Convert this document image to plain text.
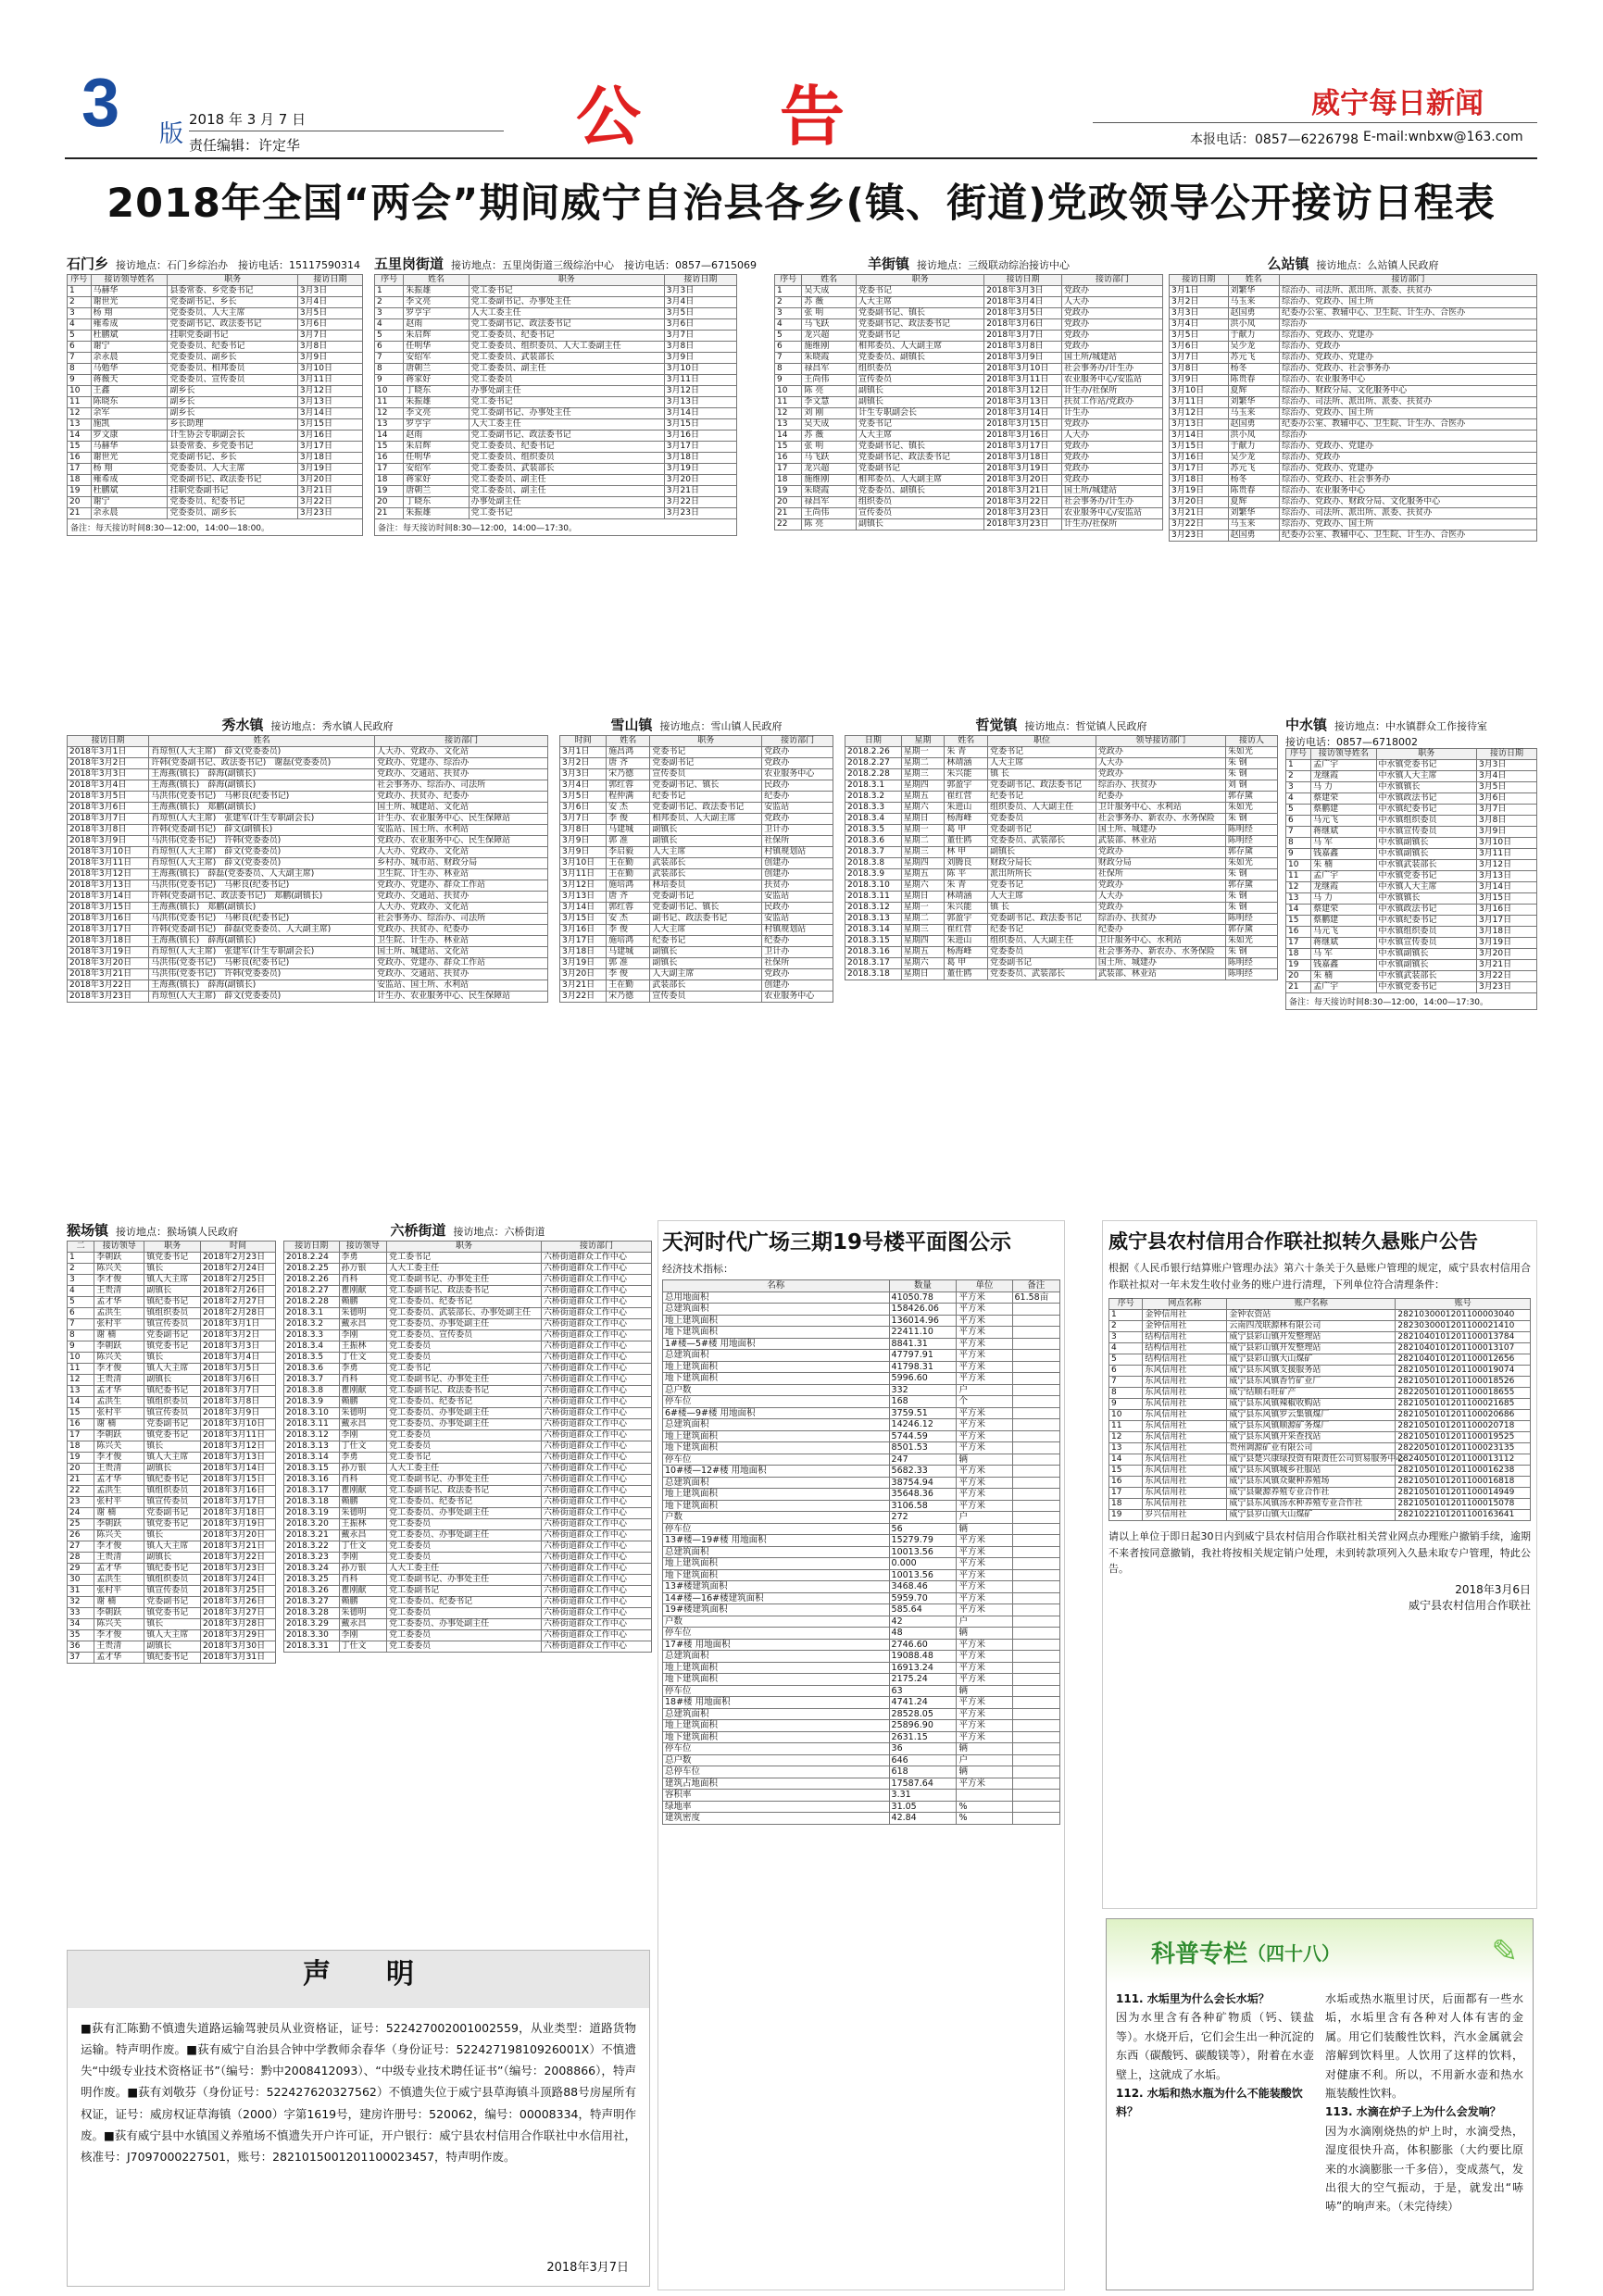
3 版
2018 年 3 月 7 日
责任编辑：许定华	公告	威宁每日新闻
本报电话：0857—6226798 E-mail:wnbxw@163.com
2018年全国“两会”期间威宁自治县各乡(镇、街道)党政领导公开接访日程表
石门乡 接访地点：石门乡综治办　 接访电话：15117590314
序号	接访领导姓名	职务	接访日期
1	马赫华	县委常委、乡党委书记	3月3日
2	谢世光	党委副书记、乡长	3月4日
3	杨 翔	党委委员、人大主席	3月5日
4	雍希成	党委副书记、政法委书记	3月6日
5	杜鹏斌	挂职党委副书记	3月7日
6	谢宁	党委委员、纪委书记	3月8日
7	余永晨	党委委员、副乡长	3月9日
8	马勉华	党委委员、相邦委员	3月10日
9	蒋薇天	党委委员、宣传委员	3月11日
10	王鑫	副乡长	3月12日
11	陈晓东	副乡长	3月13日
12	余军	副乡长	3月14日
13	施凯	乡长助理	3月15日
14	罗文康	计生协会专职副会长	3月16日
15	马赫华	县委常委、乡党委书记	3月17日
16	谢世光	党委副书记、乡长	3月18日
17	杨 翔	党委委员、人大主席	3月19日
18	雍希成	党委副书记、政法委书记	3月20日
19	杜鹏斌	挂职党委副书记	3月21日
20	谢宁	党委委员、纪委书记	3月22日
21	余永晨	党委委员、副乡长	3月23日
备注：每天接访时间8:30—12:00，14:00—18:00。
五里岗街道 接访地点：五里岗街道三级综治中心　 接访电话：0857—6715069
序号	姓名	职务	接访日期
1	朱振雄	党工委书记	3月3日
2	李文亮	党工委副书记、办事处主任	3月4日
3	罗亨宇	人大工委主任	3月5日
4	赵雨	党工委副书记、政法委书记	3月6日
5	朱启辉	党工委委员、纪委书记	3月7日
6	任明华	党工委委员、组织委员、人大工委副主任	3月8日
7	安绍军	党工委委员、武装部长	3月9日
8	唐朝兰	党工委委员、副主任	3月10日
9	蒋家好	党工委委员	3月11日
10	丁晓东	办事处副主任	3月12日
11	朱振雄	党工委书记	3月13日
12	李文亮	党工委副书记、办事处主任	3月14日
13	罗亨宇	人大工委主任	3月15日
14	赵雨	党工委副书记、政法委书记	3月16日
15	朱启辉	党工委委员、纪委书记	3月17日
16	任明华	党工委委员、组织委员	3月18日
17	安绍军	党工委委员、武装部长	3月19日
18	蒋家好	党工委委员、副主任	3月20日
19	唐朝兰	党工委委员、副主任	3月21日
20	丁晓东	办事处副主任	3月22日
21	朱振雄	党工委书记	3月23日
备注：每天接访时间8:30—12:00，14:00—17:30。
羊街镇 接访地点：三级联动综治接访中心
序号	姓名	职务	接访日期	接访部门
1	吴天成	党委书记	2018年3月3日	党政办
2	苏 薇	人大主席	2018年3月4日	人大办
3	张 明	党委副书记、镇长	2018年3月5日	党政办
4	马飞跃	党委副书记、政法委书记	2018年3月6日	党政办
5	龙兴超	党委副书记	2018年3月7日	党政办
6	施维刚	相邦委员、人大副主席	2018年3月8日	党政办
7	朱晓霞	党委委员、副镇长	2018年3月9日	国土所/城建站
8	禄昌军	组织委员	2018年3月10日	社会事务办/计生办
9	王尚伟	宣传委员	2018年3月11日	农业服务中心/安监站
10	陈 亮	副镇长	2018年3月12日	计生办/社保所
11	李文慧	副镇长	2018年3月13日	扶贫工作站/党政办
12	刘 刚	计生专职副会长	2018年3月14日	计生办
13	吴天成	党委书记	2018年3月15日	党政办
14	苏 薇	人大主席	2018年3月16日	人大办
15	张 明	党委副书记、镇长	2018年3月17日	党政办
16	马飞跃	党委副书记、政法委书记	2018年3月18日	党政办
17	龙兴超	党委副书记	2018年3月19日	党政办
18	施维刚	相邦委员、人大副主席	2018年3月20日	党政办
19	朱晓霞	党委委员、副镇长	2018年3月21日	国土所/城建站
20	禄昌军	组织委员	2018年3月22日	社会事务办/计生办
21	王尚伟	宣传委员	2018年3月23日	农业服务中心/安监站
22	陈 亮	副镇长	2018年3月23日	计生办/社保所
么站镇 接访地点：么站镇人民政府
接访日期	姓名	接访部门
3月1日	刘繁华	综治办、司法所、派出所、派委、扶贫办
3月2日	马玉来	综治办、党政办、国土所
3月3日	赵国勇	纪委办公室、教辅中心、卫生院、计生办、合医办
3月4日	洪小凤	综治办
3月5日	于献力	综治办、党政办、党建办
3月6日	吴少龙	综治办、党政办
3月7日	苏元飞	综治办、党政办、党建办
3月8日	杨冬	综治办、党政办、社会事务办
3月9日	陈贵春	综治办、农业服务中心
3月10日	夏辉	综治办、财政分局、文化服务中心
3月11日	刘繁华	综治办、司法所、派出所、派委、扶贫办
3月12日	马玉来	综治办、党政办、国土所
3月13日	赵国勇	纪委办公室、教辅中心、卫生院、计生办、合医办
3月14日	洪小凤	综治办
3月15日	于献力	综治办、党政办、党建办
3月16日	吴少龙	综治办、党政办
3月17日	苏元飞	综治办、党政办、党建办
3月18日	杨冬	综治办、党政办、社会事务办
3月19日	陈贵春	综治办、农业服务中心
3月20日	夏辉	综治办、党政办、财政分局、文化服务中心
3月21日	刘繁华	综治办、司法所、派出所、派委、扶贫办
3月22日	马玉来	综治办、党政办、国土所
3月23日	赵国勇	纪委办公室、教辅中心、卫生院、计生办、合医办
秀水镇 接访地点：秀水镇人民政府
接访日期	姓名	接访部门
2018年3月1日	肖琼恒(人大主席)　薛文(党委委员)	人大办、党政办、文化站
2018年3月2日	许韩(党委副书记、政法委书记)　谢磊(党委委员)	党政办、党建办、综治办
2018年3月3日	王海燕(镇长)　薛海(副镇长)	党政办、交通站、扶贫办
2018年3月4日	王海燕(镇长)　薛海(副镇长)	社会事务办、综治办、司法所
2018年3月5日	马洪伟(党委书记)　马彬良(纪委书记)	党政办、扶贫办、纪委办
2018年3月6日	王海燕(镇长)　郑鹏(副镇长)	国土所、城建站、文化站
2018年3月7日	肖琼恒(人大主席)　张建军(计生专职副会长)	计生办、农业服务中心、民生保障站
2018年3月8日	许韩(党委副书记)　薛文(副镇长)	安监站、国土所、水利站
2018年3月9日	马洪伟(党委书记)　许韩(党委委员)	党政办、农业服务中心、民生保障站
2018年3月10日	肖琼恒(人大主席)　薛文(党委委员)	人大办、党政办、文化站
2018年3月11日	肖琼恒(人大主席)　薛文(党委委员)	乡村办、城市站、财政分局
2018年3月12日	王海燕(镇长)　薛磊(党委委员、人大副主席)	卫生院、计生办、林业站
2018年3月13日	马洪伟(党委书记)　马彬良(纪委书记)	党政办、党建办、群众工作站
2018年3月14日	许韩(党委副书记、政法委书记)　郑鹏(副镇长)	党政办、交通站、扶贫办
2018年3月15日	王海燕(镇长)　郑鹏(副镇长)	人大办、党政办、文化站
2018年3月16日	马洪伟(党委书记)　马彬良(纪委书记)	社会事务办、综治办、司法所
2018年3月17日	许韩(党委副书记)　薛磊(党委委员、人大副主席)	党政办、扶贫办、纪委办
2018年3月18日	王海燕(镇长)　薛海(副镇长)	卫生院、计生办、林业站
2018年3月19日	肖琼恒(人大主席)　张建军(计生专职副会长)	国土所、城建站、文化站
2018年3月20日	马洪伟(党委书记)　马彬良(纪委书记)	党政办、党建办、群众工作站
2018年3月21日	马洪伟(党委书记)　许韩(党委委员)	党政办、交通站、扶贫办
2018年3月22日	王海燕(镇长)　薛海(副镇长)	安监站、国土所、水利站
2018年3月23日	肖琼恒(人大主席)　薛文(党委委员)	计生办、农业服务中心、民生保障站
雪山镇 接访地点：雪山镇人民政府
时间	姓名	职务	接访部门
3月1日	施昌鸿	党委书记	党政办
3月2日	唐 齐	党委副书记	党政办
3月3日	宋乃德	宣传委员	农业服务中心
3月4日	郭红蓉	党委副书记、镇长	民政办
3月5日	程仲满	纪委书记	纪委办
3月6日	安 杰	党委副书记、政法委书记	安监站
3月7日	李 俊	相邦委员、人大副主席	党政办
3月8日	马建城	副镇长	卫计办
3月9日	郭 准	副镇长	社保所
3月9日	李启毅	人大主席	村镇规划站
3月10日	王在勤	武装部长	创建办
3月11日	王在勤	武装部长	创建办
3月12日	施培鸿	林培委员	扶贫办
3月13日	唐 齐	党委副书记	安监站
3月14日	郭红蓉	党委副书记、镇长	民政办
3月15日	安 杰	副书记、政法委书记	安监站
3月16日	李 俊	人大主席	村镇规划站
3月17日	施培鸿	纪委书记	纪委办
3月18日	马建城	副镇长	卫计办
3月19日	郭 准	副镇长	社保所
3月20日	李 俊	人大副主席	党政办
3月21日	王在勤	武装部长	创建办
3月22日	宋乃德	宣传委员	农业服务中心
哲觉镇 接访地点：哲觉镇人民政府
日期	星期	姓名	职位	领导接访部门	接访人
2018.2.26	星期一	朱 青	党委书记	党政办	朱如光
2018.2.27	星期二	林靖涵	人大主席	人大办	朱 钢
2018.2.28	星期三	朱兴能	镇 长	党政办	朱 钢
2018.3.1	星期四	郭盈宇	党委副书记、政法委书记	综治办、扶贫办	刘 钢
2018.3.2	星期五	崔红营	纪委书记	纪委办	郭存黛
2018.3.3	星期六	朱进山	组织委员、人大副主任	卫计服务中心、水利站	朱如光
2018.3.4	星期日	杨海峰	党委委员	社会事务办、新农办、水务保险	朱 钢
2018.3.5	星期一	葛 甲	党委副书记	国土所、城建办	陈明经
2018.3.6	星期二	董仕鸥	党委委员、武装部长	武装部、林业站	陈明经
2018.3.7	星期三	林 甲	副镇长	党政办	郭存黛
2018.3.8	星期四	刘腾良	财政分局长	财政分局	朱如光
2018.3.9	星期五	陈 平	派出所所长	社保所	朱 钢
2018.3.10	星期六	朱 青	党委书记	党政办	郭存黛
2018.3.11	星期日	林靖涵	人大主席	人大办	朱 钢
2018.3.12	星期一	朱兴能	镇 长	党政办	朱 钢
2018.3.13	星期二	郭盈宇	党委副书记、政法委书记	综治办、扶贫办	陈明经
2018.3.14	星期三	崔红营	纪委书记	纪委办	郭存黛
2018.3.15	星期四	朱进山	组织委员、人大副主任	卫计服务中心、水利站	朱如光
2018.3.16	星期五	杨海峰	党委委员	社会事务办、新农办、水务保险	朱 钢
2018.3.17	星期六	葛 甲	党委副书记	国土所、城建办	陈明经
2018.3.18	星期日	董仕鸥	党委委员、武装部长	武装部、林业站	陈明经
中水镇 接访地点：中水镇群众工作接待室
接访电话：0857—6718002
序号	接访领导姓名	职务	接访日期
1	孟广宇	中水镇党委书记	3月3日
2	龙继霞	中水镇人大主席	3月4日
3	马 力	中水镇镇长	3月5日
4	蔡建荣	中水镇政法书记	3月6日
5	蔡鹏建	中水镇纪委书记	3月7日
6	马元飞	中水镇组织委员	3月8日
7	蒋继斌	中水镇宣传委员	3月9日
8	马 军	中水镇副镇长	3月10日
9	钱嘉鑫	中水镇副镇长	3月11日
10	朱 楠	中水镇武装部长	3月12日
11	孟广宇	中水镇党委书记	3月13日
12	龙继霞	中水镇人大主席	3月14日
13	马 力	中水镇镇长	3月15日
14	蔡建荣	中水镇政法书记	3月16日
15	蔡鹏建	中水镇纪委书记	3月17日
16	马元飞	中水镇组织委员	3月18日
17	蒋继斌	中水镇宣传委员	3月19日
18	马 军	中水镇副镇长	3月20日
19	钱嘉鑫	中水镇副镇长	3月21日
20	朱 楠	中水镇武装部长	3月22日
21	孟广宇	中水镇党委书记	3月23日
备注：每天接访时间8:30—12:00，14:00—17:30。
猴场镇 接访地点：猴场镇人民政府
二	接访领导	职务	时间
1	李朝跃	镇党委书记	2018年2月23日
2	陈兴关	镇长	2018年2月24日
3	李才俊	镇人大主席	2018年2月25日
4	王贵清	副镇长	2018年2月26日
5	孟才华	镇纪委书记	2018年2月27日
6	孟洪生	镇组织委员	2018年2月28日
7	张村平	镇宣传委员	2018年3月1日
8	谢 楠	党委副书记	2018年3月2日
9	李朝跃	镇党委书记	2018年3月3日
10	陈兴关	镇长	2018年3月4日
11	李才俊	镇人大主席	2018年3月5日
12	王贵清	副镇长	2018年3月6日
13	孟才华	镇纪委书记	2018年3月7日
14	孟洪生	镇组织委员	2018年3月8日
15	张村平	镇宣传委员	2018年3月9日
16	谢 楠	党委副书记	2018年3月10日
17	李朝跃	镇党委书记	2018年3月11日
18	陈兴关	镇长	2018年3月12日
19	李才俊	镇人大主席	2018年3月13日
20	王贵清	副镇长	2018年3月14日
21	孟才华	镇纪委书记	2018年3月15日
22	孟洪生	镇组织委员	2018年3月16日
23	张村平	镇宣传委员	2018年3月17日
24	谢 楠	党委副书记	2018年3月18日
25	李朝跃	镇党委书记	2018年3月19日
26	陈兴关	镇长	2018年3月20日
27	李才俊	镇人大主席	2018年3月21日
28	王贵清	副镇长	2018年3月22日
29	孟才华	镇纪委书记	2018年3月23日
30	孟洪生	镇组织委员	2018年3月24日
31	张村平	镇宣传委员	2018年3月25日
32	谢 楠	党委副书记	2018年3月26日
33	李朝跃	镇党委书记	2018年3月27日
34	陈兴关	镇长	2018年3月28日
35	李才俊	镇人大主席	2018年3月29日
36	王贵清	副镇长	2018年3月30日
37	孟才华	镇纪委书记	2018年3月31日
六桥街道 接访地点：六桥街道
接访日期	接访领导	职务	接访部门
2018.2.24	李勇	党工委书记	六桥街道群众工作中心
2018.2.25	孙万银	人大工委主任	六桥街道群众工作中心
2018.2.26	肖科	党工委副书记、办事处主任	六桥街道群众工作中心
2018.2.27	瞿刚献	党工委副书记、政法委书记	六桥街道群众工作中心
2018.2.28	赖鹏	党工委委员、纪委书记	六桥街道群众工作中心
2018.3.1	朱德明	党工委委员、武装部长、办事处副主任	六桥街道群众工作中心
2018.3.2	戴永昌	党工委委员、办事处副主任	六桥街道群众工作中心
2018.3.3	李刚	党工委委员、宣传委员	六桥街道群众工作中心
2018.3.4	王振林	党工委委员	六桥街道群众工作中心
2018.3.5	丁仕文	党工委委员	六桥街道群众工作中心
2018.3.6	李勇	党工委书记	六桥街道群众工作中心
2018.3.7	肖科	党工委副书记、办事处主任	六桥街道群众工作中心
2018.3.8	瞿刚献	党工委副书记、政法委书记	六桥街道群众工作中心
2018.3.9	赖鹏	党工委委员、纪委书记	六桥街道群众工作中心
2018.3.10	朱德明	党工委委员、办事处副主任	六桥街道群众工作中心
2018.3.11	戴永昌	党工委委员、办事处副主任	六桥街道群众工作中心
2018.3.12	李刚	党工委委员	六桥街道群众工作中心
2018.3.13	丁仕文	党工委委员	六桥街道群众工作中心
2018.3.14	李勇	党工委书记	六桥街道群众工作中心
2018.3.15	孙万银	人大工委主任	六桥街道群众工作中心
2018.3.16	肖科	党工委副书记、办事处主任	六桥街道群众工作中心
2018.3.17	瞿刚献	党工委副书记、政法委书记	六桥街道群众工作中心
2018.3.18	赖鹏	党工委委员、纪委书记	六桥街道群众工作中心
2018.3.19	朱德明	党工委委员、办事处副主任	六桥街道群众工作中心
2018.3.20	王振林	党工委委员	六桥街道群众工作中心
2018.3.21	戴永昌	党工委委员、办事处副主任	六桥街道群众工作中心
2018.3.22	丁仕文	党工委委员	六桥街道群众工作中心
2018.3.23	李刚	党工委委员	六桥街道群众工作中心
2018.3.24	孙万银	人大工委主任	六桥街道群众工作中心
2018.3.25	肖科	党工委副书记、办事处主任	六桥街道群众工作中心
2018.3.26	瞿刚献	党工委副书记	六桥街道群众工作中心
2018.3.27	赖鹏	党工委委员、纪委书记	六桥街道群众工作中心
2018.3.28	朱德明	党工委委员	六桥街道群众工作中心
2018.3.29	戴永昌	党工委委员、办事处副主任	六桥街道群众工作中心
2018.3.30	李刚	党工委委员	六桥街道群众工作中心
2018.3.31	丁仕文	党工委委员	六桥街道群众工作中心
天河时代广场三期19号楼平面图公示
经济技术指标：
名称	数量	单位	备注
总用地面积	41050.78	平方米	61.58亩
总建筑面积	158426.06	平方米	
地上建筑面积	136014.96	平方米	
地下建筑面积	22411.10	平方米	
1#楼—5#楼 用地面积	8841.31	平方米	
总建筑面积	47797.91	平方米	
地上建筑面积	41798.31	平方米	
地下建筑面积	5996.60	平方米	
总户数	332	户	
停车位	168	个	
6#楼—9#楼 用地面积	3759.51	平方米	
总建筑面积	14246.12	平方米	
地上建筑面积	5744.59	平方米	
地下建筑面积	8501.53	平方米	
停车位	247	辆	
10#楼—12#楼 用地面积	5682.33	平方米	
总建筑面积	38754.94	平方米	
地上建筑面积	35648.36	平方米	
地下建筑面积	3106.58	平方米	
户数	272	户	
停车位	56	辆	
13#楼—19#楼 用地面积	15279.79	平方米	
总建筑面积	10013.56	平方米	
地上建筑面积	0.000	平方米	
地下建筑面积	10013.56	平方米	
13#楼建筑面积	3468.46	平方米	
14#楼—16#楼建筑面积	5959.70	平方米	
19#楼建筑面积	585.64	平方米	
户数	42	户	
停车位	48	辆	
17#楼 用地面积	2746.60	平方米	
总建筑面积	19088.48	平方米	
地上建筑面积	16913.24	平方米	
地下建筑面积	2175.24	平方米	
停车位	63	辆	
18#楼 用地面积	4741.24	平方米	
总建筑面积	28528.05	平方米	
地上建筑面积	25896.90	平方米	
地下建筑面积	2631.15	平方米	
停车位	36	辆	
总户数	646	户	
总停车位	618	辆	
建筑占地面积	17587.64	平方米	
容积率	3.31		
绿地率	31.05	%	
建筑密度	42.84	%	
威宁县农村信用合作联社拟转久悬账户公告
根据《人民币银行结算账户管理办法》第六十条关于久悬账户管理的规定，威宁县农村信用合作联社拟对一年未发生收付业务的账户进行清理，下列单位符合清理条件：
序号	网点名称	账户名称	账号
1	金钟信用社	金钟农资站	2821030001201100003040
2	金钟信用社	云南四茂联源林有限公司	2823030001201100021410
3	结构信用社	威宁县彩山镇开发整理站	2821040101201100013784
4	结构信用社	威宁县彩山镇开发整理站	2821040101201100013107
5	结构信用社	威宁县彩山镇大山煤矿	2821040101201100012656
6	东风信用社	威宁县东风镇支援服务站	2821050101201100019074
7	东风信用社	威宁县东风镇香竹矿业厂	2821050101201100018526
8	东风信用社	威宁结顺石旺矿产	2822050101201100018655
9	东风信用社	威宁县东风镇辣椒收购站	2821050101201100021685
10	东风信用社	威宁县东风镇罗云集镇煤厂	2821050101201100020686
11	东风信用社	威宁县东风镇顺源矿务煤厂	2821050101201100020718
12	东风信用社	威宁县东风镇开采查找站	2821050101201100019525
13	东风信用社	贵州调源矿业有限公司	2822050101201100023135
14	东风信用社	威宁县楚兴康绿投资有限责任公司贸易服务中心	2824050101201100013112
15	东风信用社	威宁县东风镇城乡社服站	2821050101201100016238
16	东风信用社	威宁县东风镇众聚种养殖场	2821050101201100016818
17	东风信用社	威宁县聚源养殖专业合作社	2821050101201100014949
18	东风信用社	威宁县东风镇汤水种养殖专业合作社	2821050101201100015078
19	岁兴信用社	威宁县岁山镇大山煤矿	2821022101201100163641
请以上单位于即日起30日内到威宁县农村信用合作联社相关营业网点办理账户撤销手续，逾期不来者按同意撤销，我社将按相关规定销户处理，未到转款项列入久悬未取专户管理，特此公告。
2018年3月6日
威宁县农村信用合作联社
声　　明
■荻有汇陈勤不慎遗失道路运输驾驶员从业资格证，证号：522427002001002559，从业类型：道路货物运输。特声明作废。■荻有威宁自治县合钟中学教师余春华（身份证号：52242719810926001X）不慎遗失“中级专业技术资格证书”（编号：黔中2008412093）、“中级专业技术聘任证书”（编号：2008866），特声明作废。■荻有刘敬芬（身份证号：522427620327562）不慎遗失位于威宁县草海镇斗顶路88号房屋所有权证，证号：威房权证草海镇（2000）字第1619号，建房许册号：520062，编号：00008334，特声明作废。■荻有威宁县中水镇国义养殖场不慎遗失开户许可证，开户银行：威宁县农村信用合作联社中水信用社，核准号：J7097000227501，账号：2821015001201100023457，特声明作废。
2018年3月7日
科普专栏 （四十八）	✎
111. 水垢里为什么会长水垢？
因为水里含有各种矿物质（钙、镁盐等）。水烧开后，它们会生出一种沉淀的东西（碳酸钙、碳酸镁等），附着在水壶壁上，这就成了水垢。
112. 水垢和热水瓶为什么不能装酸饮料？
水垢或热水瓶里讨厌，后面都有一些水垢，水垢里含有各种对人体有害的金属。用它们装酸性饮料，汽水金属就会溶解到饮料里。人饮用了这样的饮料，对健康不利。所以，不用新水壶和热水瓶装酸性饮料。
113. 水滴在炉子上为什么会发响？
因为水滴刚烧热的炉上时，水滴受热，湿度很快升高，体积膨胀（大约要比原来的水滴膨胀一千多倍），变成蒸气，发出很大的空气振动，于是，就发出“哧哧”的响声来。（未完待续）
